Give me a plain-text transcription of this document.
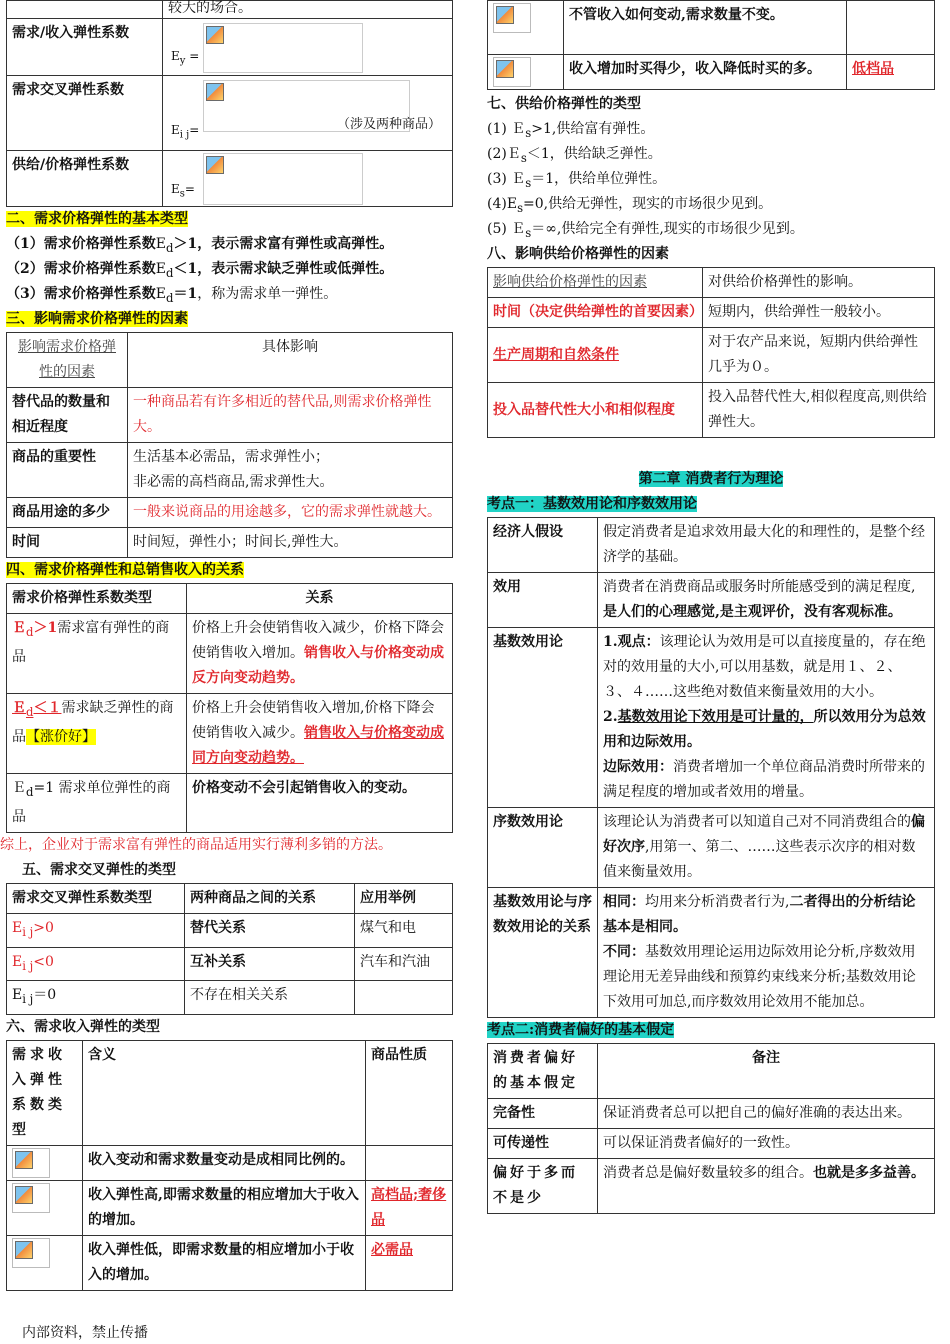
	较大的场合。
需求/收入弹性系数	$E_y$ =

需求交叉弹性系数	$E_{i j}=$ （涉及两种商品）

供给/价格弹性系数	$E_s=$
二、需求价格弹性的基本类型
（1）需求价格弹性系数$E_d>1$，表示需求富有弹性或高弹性。
（2）需求价格弹性系数$E_d<1$，表示需求缺乏弹性或低弹性。
（3）需求价格弹性系数$E_d=1$，称为需求单一弹性。
三、影响需求价格弹性的因素
影响需求价格弹性的因素	具体影响
替代品的数量和相近程度	一种商品若有许多相近的替代品,则需求价格弹性大。
商品的重要性	生活基本必需品，需求弹性小；
非必需的高档商品,需求弹性大。

商品用途的多少	一般来说商品的用途越多，它的需求弹性就越大。
时间	时间短，弹性小；时间长,弹性大。
四、需求价格弹性和总销售收入的关系
需求价格弹性系数类型	关系
Ｅ$_d$＞1需求富有弹性的商品	价格上升会使销售收入减少，价格下降会使销售收入增加。销售收入与价格变动成反方向变动趋势。
Ｅ$_d$＜１需求缺乏弹性的商品【涨价好】	价格上升会使销售收入增加,价格下降会使销售收入减少。销售收入与价格变动成同方向变动趋势。
Ｅ$_d$=1 需求单位弹性的商品	价格变动不会引起销售收入的变动。
综上，企业对于需求富有弹性的商品适用实行薄利多销的方法。
五、需求交叉弹性的类型
需求交叉弹性系数类型	两种商品之间的关系	应用举例
$E_{i j}>0$	替代关系	煤气和电
$E_{i j}<0$	互补关系	汽车和汽油
$E_{i j}=0$	不存在相关关系	
六、需求收入弹性的类型
需求收入弹性系数类型	含义	商品性质

	收入变动和需求数量变动是成相同比例的。	

	收入弹性高,即需求数量的相应增加大于收入的增加。	高档品;奢侈品

	收入弹性低，即需求数量的相应增加小于收入的增加。	必需品
内部资料，禁止传播
	不管收入如何变动,需求数量不变。	

	收入增加时买得少，收入降低时买的多。	低档品
七、供给价格弹性的类型
(1) Ｅ$_s$>1,供给富有弹性。
(2)Ｅ$_s$＜1，供给缺乏弹性。
(3) Ｅ$_s$＝1，供给单位弹性。
$(4)E_s=0$,供给无弹性，现实的市场很少见到。
(5) Ｅ$_s$＝∞,供给完全有弹性,现实的市场很少见到。
八、影响供给价格弹性的因素
影响供给价格弹性的因素	对供给价格弹性的影响。
时间（决定供给弹性的首要因素）	短期内，供给弹性一般较小。
生产周期和自然条件	对于农产品来说，短期内供给弹性几乎为０。
投入品替代性大小和相似程度	投入品替代性大,相似程度高,则供给弹性大。
第二章 消费者行为理论
考点一：基数效用论和序数效用论
经济人假设	假定消费者是追求效用最大化的和理性的，是整个经济学的基础。
效用	消费者在消费商品或服务时所能感受到的满足程度,是人们的心理感觉,是主观评价，没有客观标准。
基数效用论	1.观点：该理论认为效用是可以直接度量的，存在绝对的效用量的大小,可以用基数，就是用１、２、３、４……这些绝对数值来衡量效用的大小。
2.基数效用论下效用是可计量的，所以效用分为总效用和边际效用。
边际效用：消费者增加一个单位商品消费时所带来的满足程度的增加或者效用的增量。

序数效用论	该理论认为消费者可以知道自己对不同消费组合的偏好次序,用第一、第二、……这些表示次序的相对数值来衡量效用。
基数效用论与序数效用论的关系	相同：均用来分析消费者行为,二者得出的分析结论基本是相同。
不同：基数效用理论运用边际效用论分析,序数效用理论用无差异曲线和预算约束线来分析;基数效用论下效用可加总,而序数效用论效用不能加总。
考点二:消费者偏好的基本假定
消费者偏好的基本假定	备注
完备性	保证消费者总可以把自己的偏好准确的表达出来。
可传递性	可以保证消费者偏好的一致性。
偏好于多而不是少	消费者总是偏好数量较多的组合。也就是多多益善。
